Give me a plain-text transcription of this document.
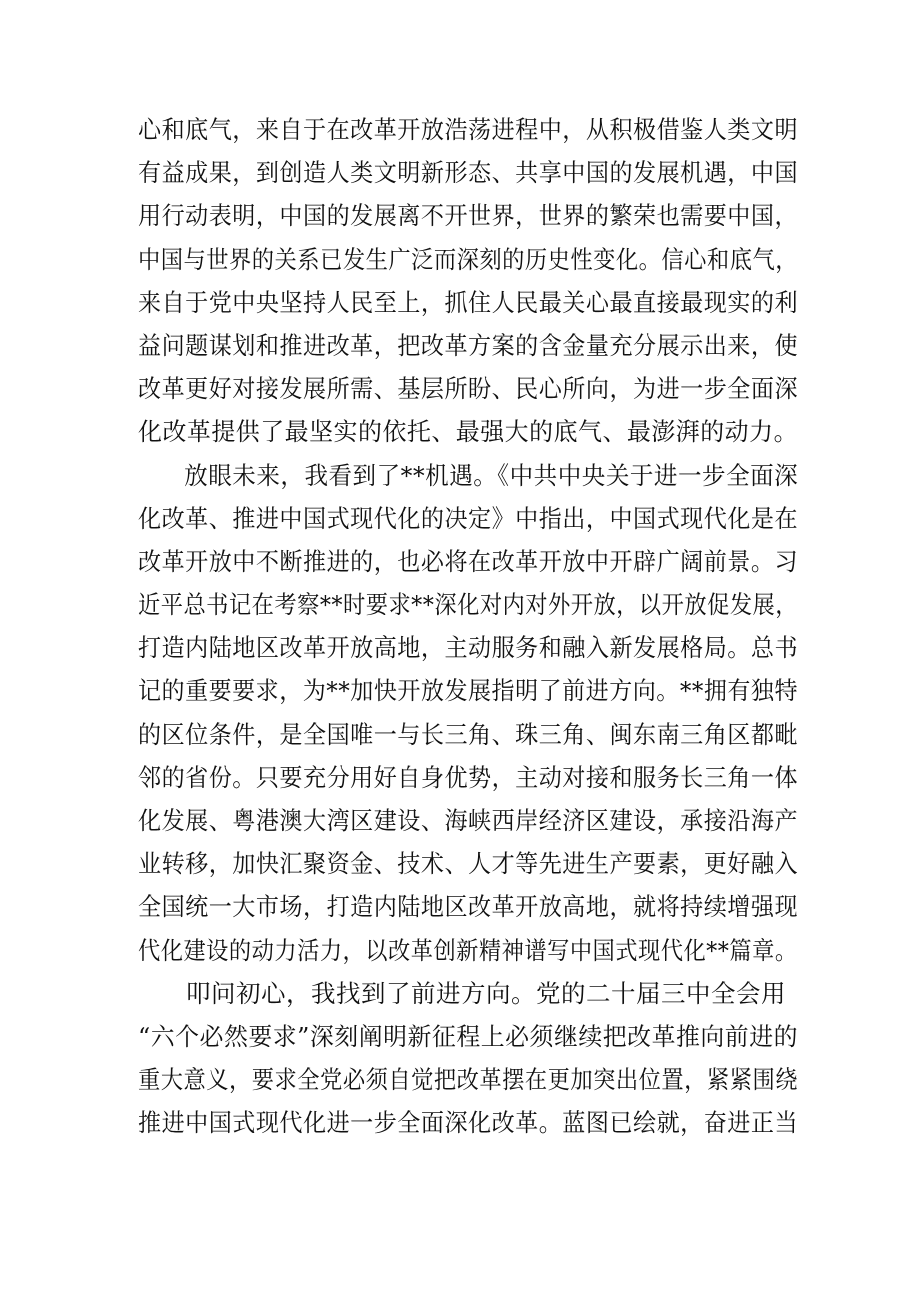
心和底气，来自于在改革开放浩荡进程中，从积极借鉴人类文明
有益成果，到创造人类文明新形态、共享中国的发展机遇，中国
用行动表明，中国的发展离不开世界，世界的繁荣也需要中国，
中国与世界的关系已发生广泛而深刻的历史性变化。信心和底气，
来自于党中央坚持人民至上，抓住人民最关心最直接最现实的利
益问题谋划和推进改革，把改革方案的含金量充分展示出来，使
改革更好对接发展所需、基层所盼、民心所向，为进一步全面深
化改革提供了最坚实的依托、最强大的底气、最澎湃的动力。
放眼未来，我看到了**机遇。《中共中央关于进一步全面深
化改革、推进中国式现代化的决定》中指出，中国式现代化是在
改革开放中不断推进的，也必将在改革开放中开辟广阔前景。习
近平总书记在考察**时要求**深化对内对外开放，以开放促发展，
打造内陆地区改革开放高地，主动服务和融入新发展格局。总书
记的重要要求，为**加快开放发展指明了前进方向。**拥有独特
的区位条件，是全国唯一与长三角、珠三角、闽东南三角区都毗
邻的省份。只要充分用好自身优势，主动对接和服务长三角一体
化发展、粤港澳大湾区建设、海峡西岸经济区建设，承接沿海产
业转移，加快汇聚资金、技术、人才等先进生产要素，更好融入
全国统一大市场，打造内陆地区改革开放高地，就将持续增强现
代化建设的动力活力，以改革创新精神谱写中国式现代化**篇章。
叩问初心，我找到了前进方向。党的二十届三中全会用
“六个必然要求”深刻阐明新征程上必须继续把改革推向前进的
重大意义，要求全党必须自觉把改革摆在更加突出位置，紧紧围绕
推进中国式现代化进一步全面深化改革。蓝图已绘就，奋进正当
